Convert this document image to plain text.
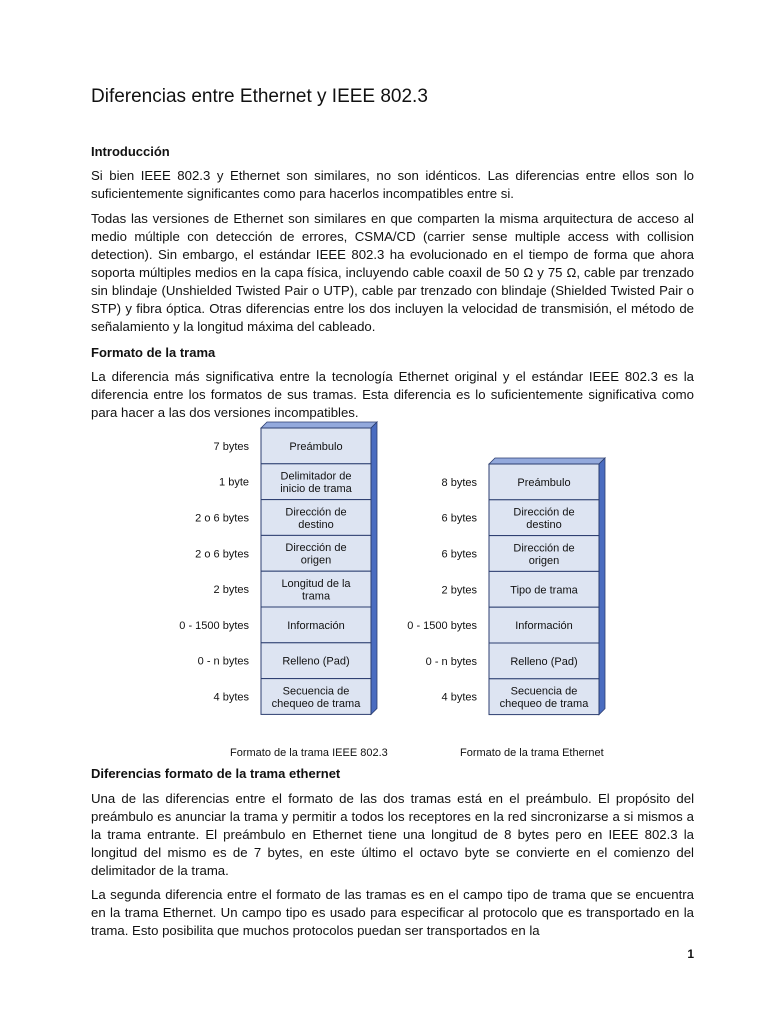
Diferencias entre Ethernet y IEEE 802.3
Introducción

Si bien IEEE 802.3 y Ethernet son similares, no son idénticos. Las diferencias entre ellos son lo suficientemente significantes como para hacerlos incompatibles entre si.

Todas las versiones de Ethernet son similares en que comparten la misma arquitectura de acceso al medio múltiple con detección de errores, CSMA/CD (carrier sense multiple access with collision detection). Sin embargo, el estándar IEEE 802.3 ha evolucionado en el tiempo de forma que ahora soporta múltiples medios en la capa física, incluyendo cable coaxil de 50 Ω y 75 Ω, cable par trenzado sin blindaje (Unshielded Twisted Pair o UTP), cable par trenzado con blindaje (Shielded Twisted Pair o STP) y fibra óptica. Otras diferencias entre los dos incluyen la velocidad de transmisión, el método de señalamiento y la longitud máxima del cableado.

Formato de la trama

La diferencia más significativa entre la tecnología Ethernet original y el estándar IEEE 802.3 es la diferencia entre los formatos de sus tramas. Esta diferencia es lo suficientemente significativa como para hacer a las dos versiones incompatibles.

Preámbulo
7 bytes
Delimitador de
inicio de trama
1 byte
Dirección de
destino
2 o 6 bytes
Dirección de
origen
2 o 6 bytes
Longitud de la
trama
2 bytes
Información
0 - 1500 bytes
Relleno (Pad)
0 - n bytes
Secuencia de
chequeo de trama
4 bytes
Formato de la trama IEEE 802.3
Preámbulo
8 bytes
Dirección de
destino
6 bytes
Dirección de
origen
6 bytes
Tipo de trama
2 bytes
Información
0 - 1500 bytes
Relleno (Pad)
0 - n bytes
Secuencia de
chequeo de trama
4 bytes
Formato de la trama Ethernet
Diferencias formato de la trama ethernet

Una de las diferencias entre el formato de las dos tramas está en el preámbulo. El propósito del preámbulo es anunciar la trama y permitir a todos los receptores en la red sincronizarse a si mismos a la trama entrante. El preámbulo en Ethernet tiene una longitud de 8 bytes pero en IEEE 802.3 la longitud del mismo es de 7 bytes, en este último el octavo byte se convierte en el comienzo del delimitador de la trama.

La segunda diferencia entre el formato de las tramas es en el campo tipo de trama que se encuentra en la trama Ethernet. Un campo tipo es usado para especificar al protocolo que es transportado en la trama. Esto posibilita que muchos protocolos puedan ser transportados en la

1
